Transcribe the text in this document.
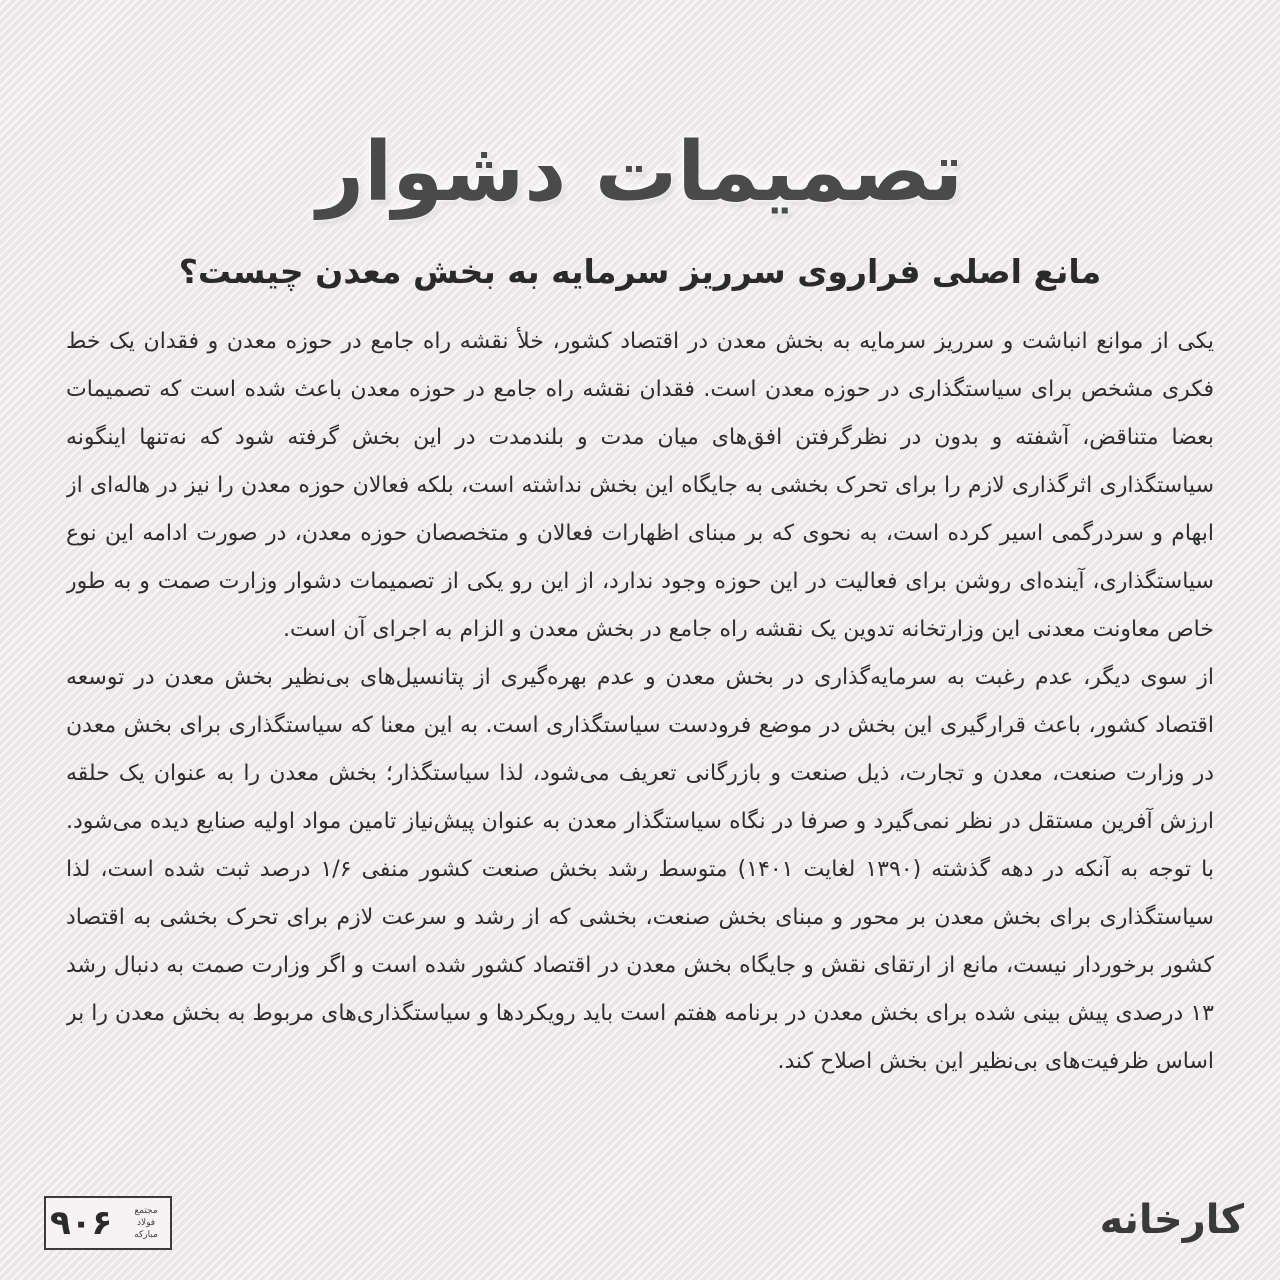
تصمیمات دشوار
مانع اصلی فراروی سرریز سرمایه به بخش معدن چیست؟

یکی از موانع انباشت و سرریز سرمایه به بخش معدن در اقتصاد کشور، خلأ نقشه راه جامع در حوزه معدن و فقدان یک خط فکری مشخص برای سیاستگذاری در حوزه معدن است. فقدان نقشه راه جامع در حوزه معدن باعث شده است که تصمیمات بعضا متناقض، آشفته و بدون در نظرگرفتن افق‌های میان مدت و بلندمدت در این بخش گرفته شود که نه‌تنها اینگونه سیاستگذاری اثرگذاری لازم را برای تحرک بخشی به جایگاه این بخش نداشته است، بلکه فعالان حوزه معدن را نیز در هاله‌ای از ابهام و سردرگمی اسیر کرده است، به نحوی که بر مبنای اظهارات فعالان و متخصصان حوزه معدن، در صورت ادامه این نوع سیاستگذاری، آینده‌ای روشن برای فعالیت در این حوزه وجود ندارد، از این رو یکی از تصمیمات دشوار وزارت صمت و به طور خاص معاونت معدنی این وزارتخانه تدوین یک نقشه راه جامع در بخش معدن و الزام به اجرای آن است.

از سوی دیگر، عدم رغبت به سرمایه‌گذاری در بخش معدن و عدم بهره‌گیری از پتانسیل‌های بی‌نظیر بخش معدن در توسعه اقتصاد کشور، باعث قرارگیری این بخش در موضع فرودست سیاستگذاری است. به این معنا که سیاستگذاری برای بخش معدن در وزارت صنعت، معدن و تجارت، ذیل صنعت و بازرگانی تعریف می‌شود، لذا سیاستگذار؛ بخش معدن را به عنوان یک حلقه ارزش آفرین مستقل در نظر نمی‌گیرد و صرفا در نگاه سیاستگذار معدن به عنوان پیش‌نیاز تامین مواد اولیه صنایع دیده می‌شود. با توجه به آنکه در دهه گذشته (۱۳۹۰ لغایت ۱۴۰۱) متوسط رشد بخش صنعت کشور منفی ۱/۶ درصد ثبت شده است، لذا سیاستگذاری برای بخش معدن بر محور و مبنای بخش صنعت، بخشی که از رشد و سرعت لازم برای تحرک بخشی به اقتصاد کشور برخوردار نیست، مانع از ارتقای نقش و جایگاه بخش معدن در اقتصاد کشور شده است و اگر وزارت صمت به دنبال رشد ۱۳ درصدی پیش بینی شده برای بخش معدن در برنامه هفتم است باید رویکردها و سیاستگذاری‌های مربوط به بخش معدن را بر اساس ظرفیت‌های بی‌نظیر این بخش اصلاح کند.

۹۰۶	مجتمع فولاد مبارکه	کارخانه
